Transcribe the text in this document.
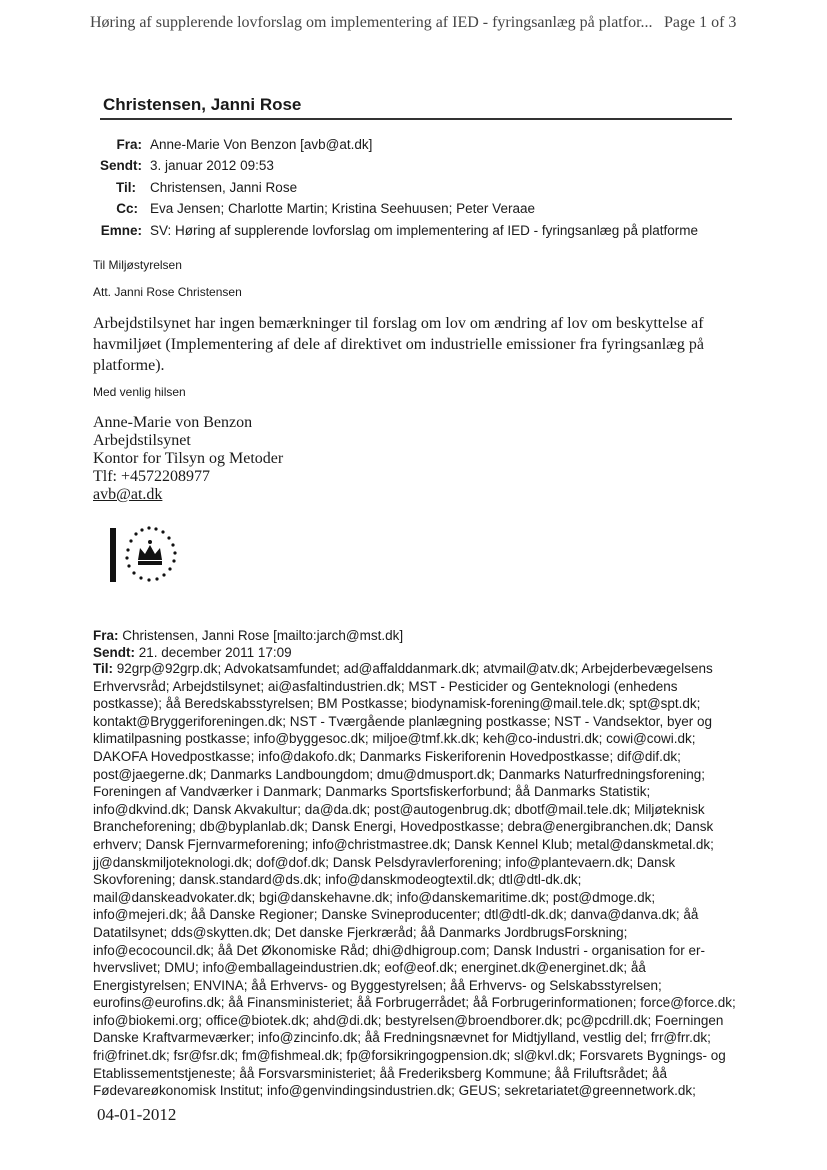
Høring af supplerende lovforslag om implementering af IED - fyringsanlæg på platfor... Page 1 of 3
Christensen, Janni Rose
Fra: Anne-Marie Von Benzon [avb@at.dk]
Sendt: 3. januar 2012 09:53
Til: Christensen, Janni Rose
Cc: Eva Jensen; Charlotte Martin; Kristina Seehuusen; Peter Veraae
Emne: SV: Høring af supplerende lovforslag om implementering af IED - fyringsanlæg på platforme
Til Miljøstyrelsen
Att. Janni Rose Christensen
Arbejdstilsynet har ingen bemærkninger til forslag om lov om ændring af lov om beskyttelse af havmiljøet (Implementering af dele af direktivet om industrielle emissioner fra fyringsanlæg på platforme).
Med venlig hilsen
Anne-Marie von Benzon
Arbejdstilsynet
Kontor for Tilsyn og Metoder
Tlf: +4572208977
avb@at.dk
Fra: Christensen, Janni Rose [mailto:jarch@mst.dk]
Sendt: 21. december 2011 17:09
Til: 92grp@92grp.dk; Advokatsamfundet; ad@affalddanmark.dk; atvmail@atv.dk; Arbejderbevægelsens Erhvervsråd; Arbejdstilsynet; ai@asfaltindustrien.dk; MST - Pesticider og Genteknologi (enhedens postkasse); åå Beredskabsstyrelsen; BM Postkasse; biodynamisk-forening@mail.tele.dk; spt@spt.dk; kontakt@Bryggeriforeningen.dk; NST - Tværgående planlægning postkasse; NST - Vandsektor, byer og klimatilpasning postkasse; info@byggesoc.dk; miljoe@tmf.kk.dk; keh@co-industri.dk; cowi@cowi.dk; DAKOFA Hovedpostkasse; info@dakofo.dk; Danmarks Fiskeriforenin Hovedpostkasse; dif@dif.dk; post@jaegerne.dk; Danmarks Landboungdom; dmu@dmusport.dk; Danmarks Naturfredningsforening; Foreningen af Vandværker i Danmark; Danmarks Sportsfiskerforbund; åå Danmarks Statistik; info@dkvind.dk; Dansk Akvakultur; da@da.dk; post@autogenbrug.dk; dbotf@mail.tele.dk; Miljøteknisk Brancheforening; db@byplanlab.dk; Dansk Energi, Hovedpostkasse; debra@energibranchen.dk; Dansk erhverv; Dansk Fjernvarmeforening; info@christmastree.dk; Dansk Kennel Klub; metal@danskmetal.dk; jj@danskmiljoteknologi.dk; dof@dof.dk; Dansk Pelsdyravlerforening; info@plantevaern.dk; Dansk Skovforening; dansk.standard@ds.dk; info@danskmodeogtextil.dk; dtl@dtl-dk.dk; mail@danskeadvokater.dk; bgi@danskehavne.dk; info@danskemaritime.dk; post@dmoge.dk; info@mejeri.dk; åå Danske Regioner; Danske Svineproducenter; dtl@dtl-dk.dk; danva@danva.dk; åå Datatilsynet; dds@skytten.dk; Det danske Fjerkræråd; åå Danmarks JordbrugsForskning; info@ecocouncil.dk; åå Det Økonomiske Råd; dhi@dhigroup.com; Dansk Industri - organisation for er-hvervslivet; DMU; info@emballageindustrien.dk; eof@eof.dk; energinet.dk@energinet.dk; åå Energistyrelsen; ENVINA; åå Erhvervs- og Byggestyrelsen; åå Erhvervs- og Selskabsstyrelsen; eurofins@eurofins.dk; åå Finansministeriet; åå Forbrugerrådet; åå Forbrugerinformationen; force@force.dk; info@biokemi.org; office@biotek.dk; ahd@di.dk; bestyrelsen@broendborer.dk; pc@pcdrill.dk; Foerningen Danske Kraftvarmeværker; info@zincinfo.dk; åå Fredningsnævnet for Midtjylland, vestlig del; frr@frr.dk; fri@frinet.dk; fsr@fsr.dk; fm@fishmeal.dk; fp@forsikringogpension.dk; sl@kvl.dk; Forsvarets Bygnings- og Etablissementstjeneste; åå Forsvarsministeriet; åå Frederiksberg Kommune; åå Friluftsrådet; åå Fødevareøkonomisk Institut; info@genvindingsindustrien.dk; GEUS; sekretariatet@greennetwork.dk;
04-01-2012
